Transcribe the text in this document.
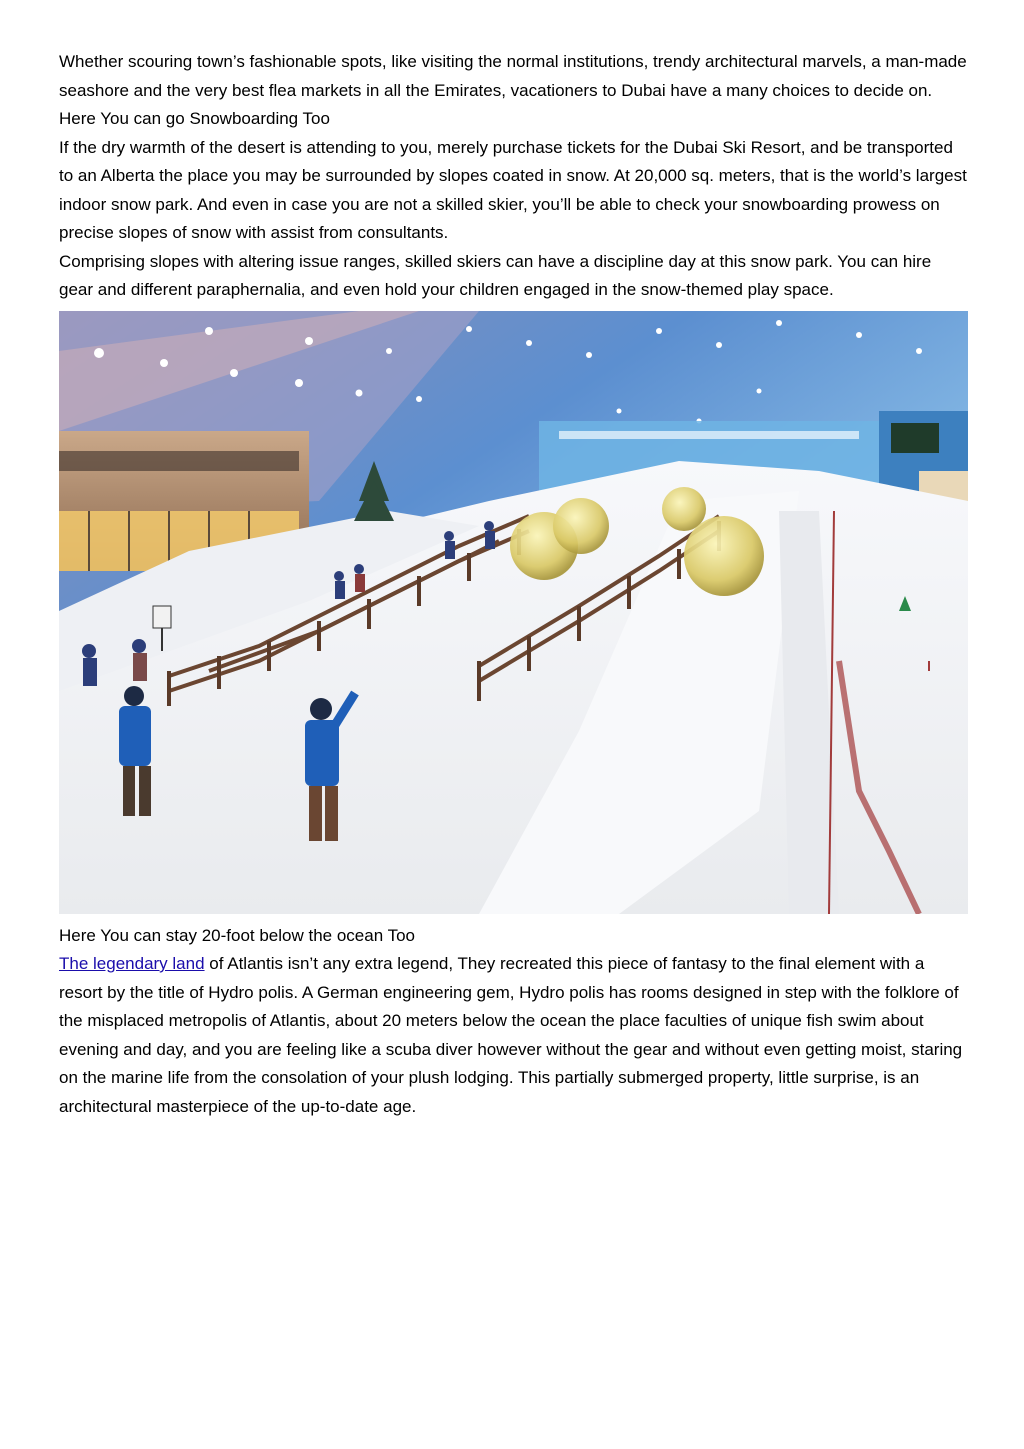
Whether scouring town’s fashionable spots, like visiting the normal institutions, trendy architectural marvels, a man-made seashore and the very best flea markets in all the Emirates, vacationers to Dubai have a many choices to decide on.

Here You can go Snowboarding Too

If the dry warmth of the desert is attending to you, merely purchase tickets for the Dubai Ski Resort, and be transported to an Alberta the place you may be surrounded by slopes coated in snow. At 20,000 sq. meters, that is the world’s largest indoor snow park. And even in case you are not a skilled skier, you’ll be able to check your snowboarding prowess on precise slopes of snow with assist from consultants.

Comprising slopes with altering issue ranges, skilled skiers can have a discipline day at this snow park. You can hire gear and different paraphernalia, and even hold your children engaged in the snow-themed play space.

Here You can stay 20-foot below the ocean Too

The legendary land of Atlantis isn’t any extra legend, They recreated this piece of fantasy to the final element with a resort by the title of Hydro polis. A German engineering gem, Hydro polis has rooms designed in step with the folklore of the misplaced metropolis of Atlantis, about 20 meters below the ocean the place faculties of unique fish swim about evening and day, and you are feeling like a scuba diver however without the gear and without even getting moist, staring on the marine life from the consolation of your plush lodging. This partially submerged property, little surprise, is an architectural masterpiece of the up-to-date age.
